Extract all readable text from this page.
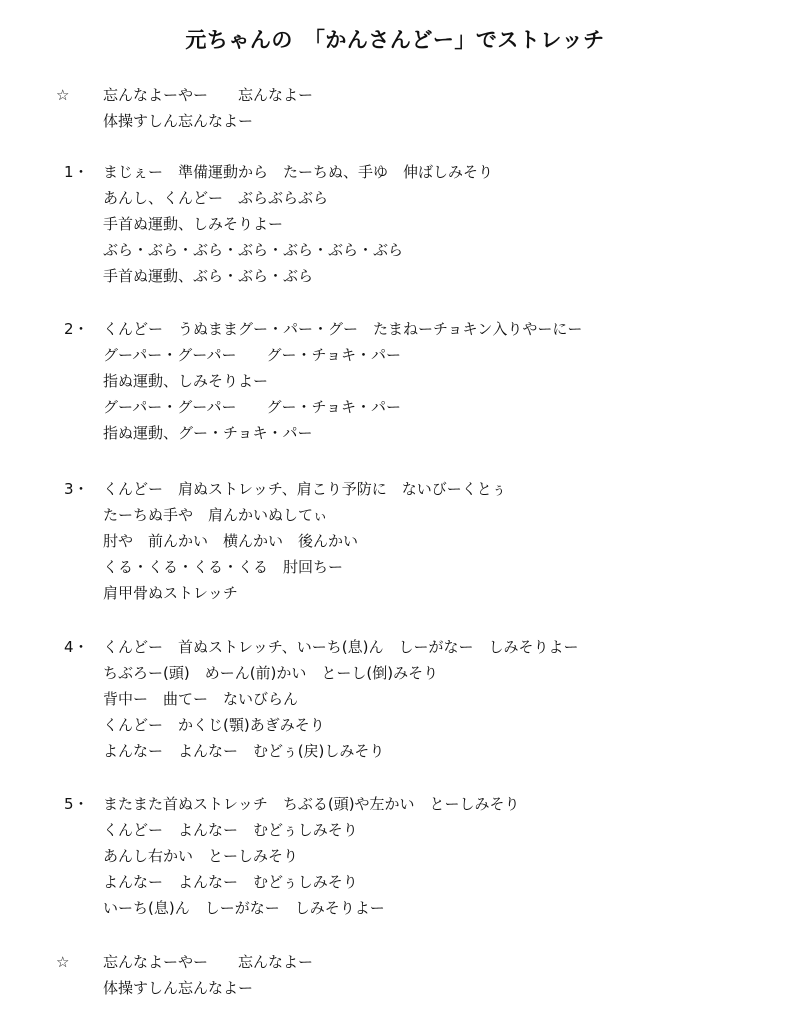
元ちゃんの　「かんさんどー」でストレッチ
☆ 忘んなよーやー　　忘んなよー
体操すしん忘んなよー
1・ まじぇー　準備運動から　たーちぬ、手ゆ　伸ばしみそり
あんし、くんどー　ぶらぶらぶら
手首ぬ運動、しみそりよー
ぶら・ぶら・ぶら・ぶら・ぶら・ぶら・ぶら
手首ぬ運動、ぶら・ぶら・ぶら
2・ くんどー　うぬままグー・パー・グー　たまねーチョキン入りやーにー
グーパー・グーパー　　グー・チョキ・パー
指ぬ運動、しみそりよー
グーパー・グーパー　　グー・チョキ・パー
指ぬ運動、グー・チョキ・パー
3・ くんどー　肩ぬストレッチ、肩こり予防に　ないびーくとぅ
たーちぬ手や　肩んかいぬしてぃ
肘や　前んかい　横んかい　後んかい
くる・くる・くる・くる　肘回ちー
肩甲骨ぬストレッチ
4・ くんどー　首ぬストレッチ、いーち(息)ん　しーがなー　しみそりよー
ちぶろー(頭)　めーん(前)かい　とーし(倒)みそり
背中ー　曲てー　ないびらん
くんどー　かくじ(顎)あぎみそり
よんなー　よんなー　むどぅ(戻)しみそり
5・ またまた首ぬストレッチ　ちぶる(頭)や左かい　とーしみそり
くんどー　よんなー　むどぅしみそり
あんし右かい　とーしみそり
よんなー　よんなー　むどぅしみそり
いーち(息)ん　しーがなー　しみそりよー
☆ 忘んなよーやー　　忘んなよー
体操すしん忘んなよー
